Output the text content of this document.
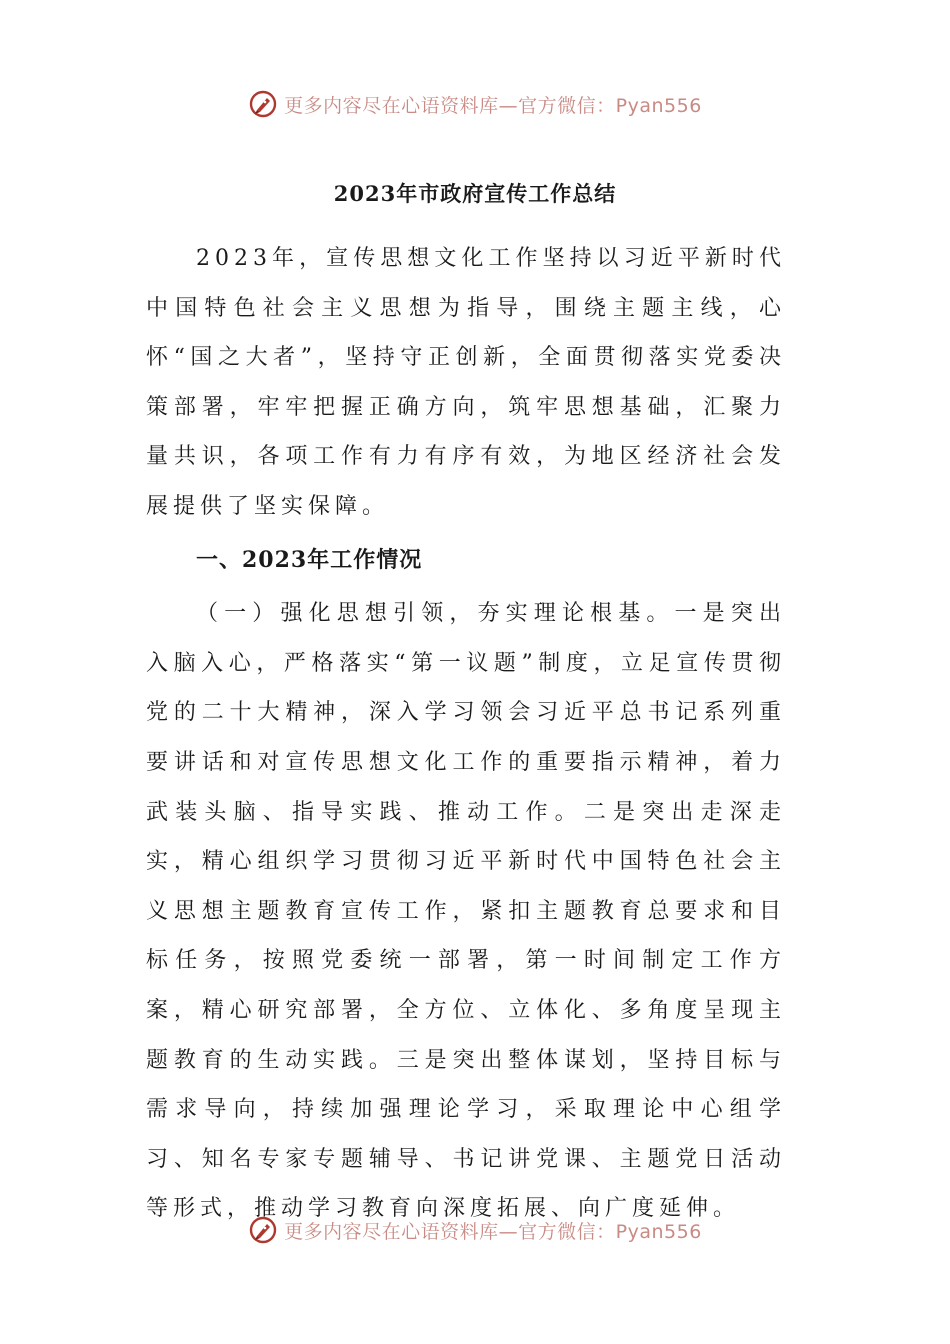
更多内容尽在心语资料库—官方微信：Pyan556
2023年市政府宣传工作总结

2023年，宣传思想文化工作坚持以习近平新时代中国特色社会主义思想为指导，围绕主题主线，心怀“国之大者”，坚持守正创新，全面贯彻落实党委决策部署，牢牢把握正确方向，筑牢思想基础，汇聚力量共识，各项工作有力有序有效，为地区经济社会发展提供了坚实保障。

一、2023年工作情况

（一）强化思想引领，夯实理论根基。一是突出入脑入心，严格落实“第一议题”制度，立足宣传贯彻党的二十大精神，深入学习领会习近平总书记系列重要讲话和对宣传思想文化工作的重要指示精神，着力武装头脑、指导实践、推动工作。二是突出走深走实，精心组织学习贯彻习近平新时代中国特色社会主义思想主题教育宣传工作，紧扣主题教育总要求和目标任务，按照党委统一部署，第一时间制定工作方案，精心研究部署，全方位、立体化、多角度呈现主题教育的生动实践。三是突出整体谋划，坚持目标与需求导向，持续加强理论学习，采取理论中心组学习、知名专家专题辅导、书记讲党课、主题党日活动等形式，推动学习教育向深度拓展、向广度延伸。

更多内容尽在心语资料库—官方微信：Pyan556
